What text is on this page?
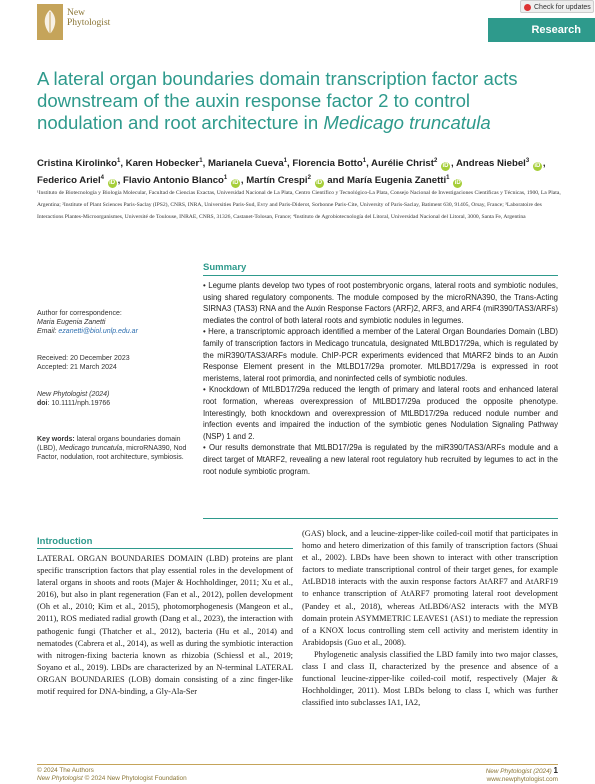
New
Phytologist
Check for updates
Research
A lateral organ boundaries domain transcription factor acts downstream of the auxin response factor 2 to control nodulation and root architecture in Medicago truncatula
Cristina Kirolinko$^1$, Karen Hobecker$^1$, Marianela Cueva$^1$, Florencia Botto$^1$, Aurélie Christ$^2$ iD , Andreas Niebel$^3$ iD , Federico Ariel$^4$ iD , Flavio Antonio Blanco$^1$ iD , Martín Crespi$^2$ iD and María Eugenia Zanetti$^1$ iD
¹Instituto de Biotecnología y Biología Molecular, Facultad de Ciencias Exactas, Universidad Nacional de La Plata, Centro Científico y Tecnológico-La Plata, Consejo Nacional de Investigaciones Científicas y Técnicas, 1900, La Plata, Argentina; ²Institute of Plant Sciences Paris-Saclay (IPS2), CNRS, INRA, Universities Paris-Sud, Evry and Paris-Diderot, Sorbonne Paris-Cite, University of Paris-Saclay, Batiment 630, 91405, Orsay, France; ³Laboratoire des Interactions Plantes-Microorganismes, Université de Toulouse, INRAE, CNRS, 31326, Castanet-Tolosan, France; ⁴Instituto de Agrobiotecnología del Litoral, Universidad Nacional del Litoral, 3000, Santa Fe, Argentina
Author for correspondence:
Maria Eugenia Zanetti
Email: ezanetti@biol.unlp.edu.ar
Received: 20 December 2023
Accepted: 21 March 2024
New Phytologist (2024)
doi: 10.1111/nph.19766
Key words: lateral organs boundaries domain (LBD), Medicago truncatula, microRNA390, Nod Factor, nodulation, root architecture, symbiosis.
Summary

• Legume plants develop two types of root postembryonic organs, lateral roots and symbiotic nodules, using shared regulatory components. The module composed by the microRNA390, the Trans-Acting SIRNA3 (TAS3) RNA and the Auxin Response Factors (ARF)2, ARF3, and ARF4 (miR390/TAS3/ARFs) mediates the control of both lateral roots and symbiotic nodules in legumes.

• Here, a transcriptomic approach identified a member of the Lateral Organ Boundaries Domain (LBD) family of transcription factors in Medicago truncatula, designated MtLBD17/29a, which is regulated by the miR390/TAS3/ARFs module. ChIP-PCR experiments evidenced that MtARF2 binds to an Auxin Response Element present in the MtLBD17/29a promoter. MtLBD17/29a is expressed in root meristems, lateral root primordia, and noninfected cells of symbiotic nodules.

• Knockdown of MtLBD17/29a reduced the length of primary and lateral roots and enhanced lateral root formation, whereas overexpression of MtLBD17/29a produced the opposite phenotype. Interestingly, both knockdown and overexpression of MtLBD17/29a reduced nodule number and infection events and impaired the induction of the symbiotic genes Nodulation Signaling Pathway (NSP) 1 and 2.

• Our results demonstrate that MtLBD17/29a is regulated by the miR390/TAS3/ARFs module and a direct target of MtARF2, revealing a new lateral root regulatory hub recruited by legumes to act in the root nodule symbiotic program.

Introduction

LATERAL ORGAN BOUNDARIES DOMAIN (LBD) proteins are plant specific transcription factors that play essential roles in the development of lateral organs in shoots and roots (Majer & Hochholdinger, 2011; Xu et al., 2016), but also in plant regeneration (Fan et al., 2012), pollen development (Oh et al., 2010; Kim et al., 2015), photomorphogenesis (Mangeon et al., 2011), ROS mediated radial growth (Dang et al., 2023), the interaction with pathogenic fungi (Thatcher et al., 2012), bacteria (Hu et al., 2014) and nematodes (Cabrera et al., 2014), as well as during the symbiotic interaction with nitrogen-fixing bacteria known as rhizobia (Schiessl et al., 2019; Soyano et al., 2019). LBDs are characterized by an N-terminal LATERAL ORGAN BOUNDARIES (LOB) domain consisting of a zinc finger-like motif required for DNA-binding, a Gly-Ala-Ser

(GAS) block, and a leucine-zipper-like coiled-coil motif that participates in homo and hetero dimerization of this family of transcription factors (Shuai et al., 2002). LBDs have been shown to interact with other transcription factors to mediate transcriptional control of their target genes, for example AtLBD18 interacts with the auxin response factors AtARF7 and AtARF19 to enhance transcription of AtARF7 promoting lateral root development (Pandey et al., 2018), whereas AtLBD6/AS2 interacts with the MYB domain protein ASYMMETRIC LEAVES1 (AS1) to mediate the repression of a KNOX locus controlling stem cell activity and meristem identity in Arabidopsis (Guo et al., 2008).

Phylogenetic analysis classified the LBD family into two major classes, class I and class II, characterized by the presence and absence of a functional leucine-zipper-like coiled-coil motif, respectively (Majer & Hochholdinger, 2011). Most LBDs belong to class I, which was further classified into subclasses IA1, IA2,

© 2024 The Authors
New Phytologist © 2024 New Phytologist Foundation
New Phytologist (2024) 1
www.newphytologist.com
